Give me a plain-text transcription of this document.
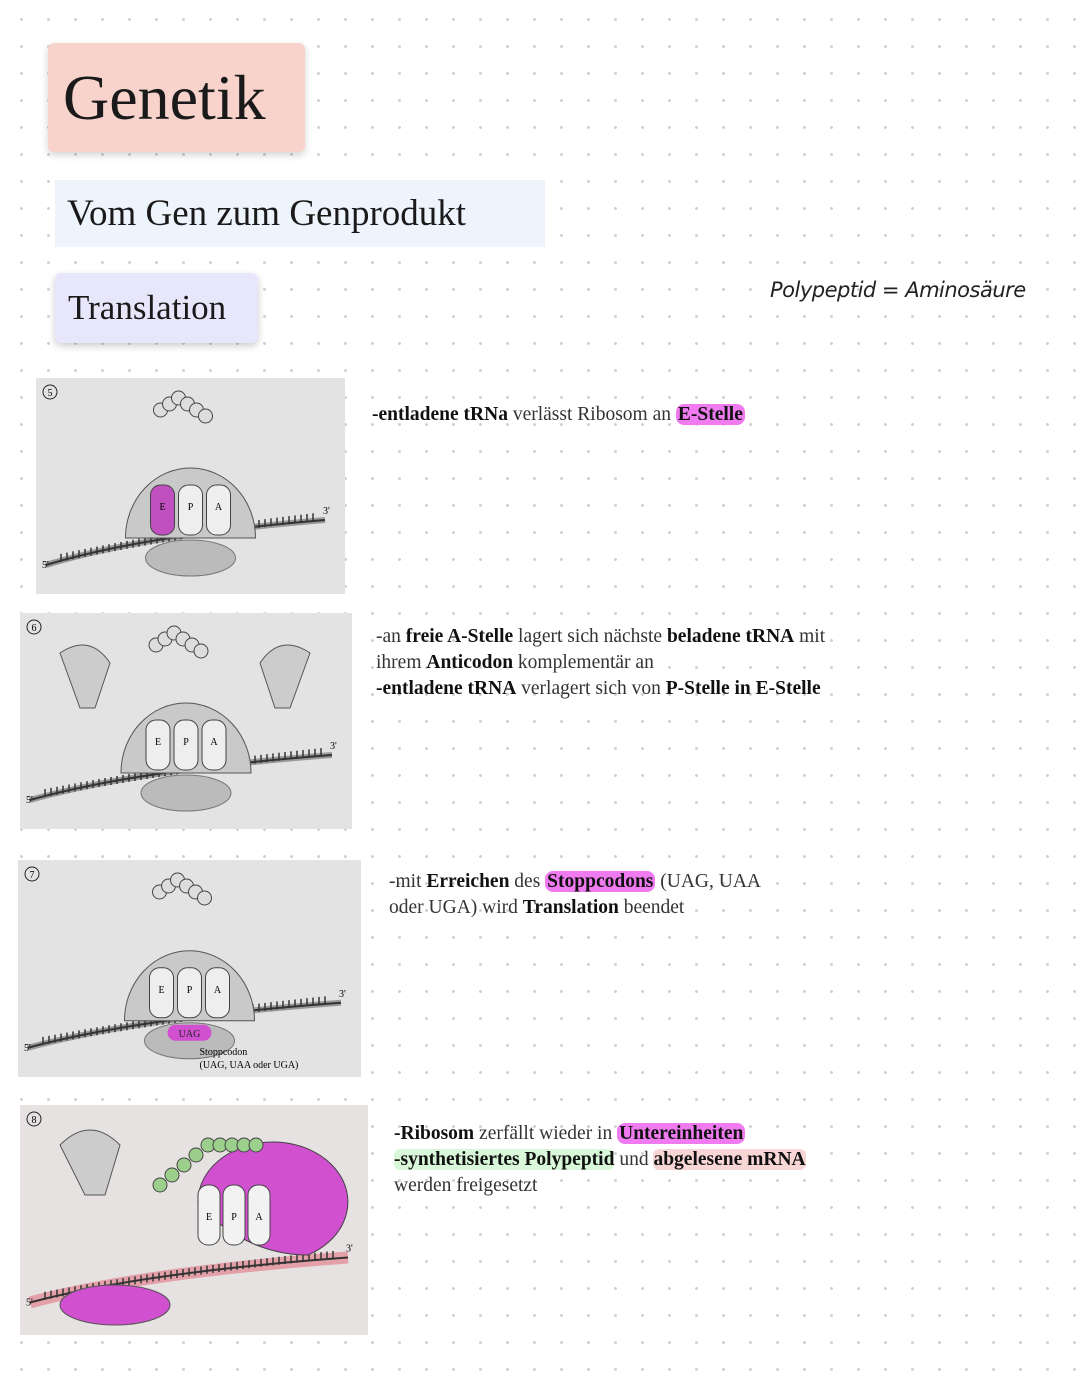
Genetik
Vom Gen zum Genprodukt
Translation	Polypeptid = Aminosäure
5
5'
3'
E P A
6
5'
3'
E P A
7
5'
3'
E P A
UAG
Stoppcodon
(UAG, UAA oder UGA)
8
5'
3'
E P A
-entladene tRNa verlässt Ribosom an E-Stelle
-an freie A-Stelle lagert sich nächste beladene tRNA mit
ihrem Anticodon komplementär an
-entladene tRNA verlagert sich von P-Stelle in E-Stelle
-mit Erreichen des Stoppcodons (UAG, UAA
oder UGA) wird Translation beendet
-Ribosom zerfällt wieder in Untereinheiten
-synthetisiertes Polypeptid und abgelesene mRNA
werden freigesetzt
